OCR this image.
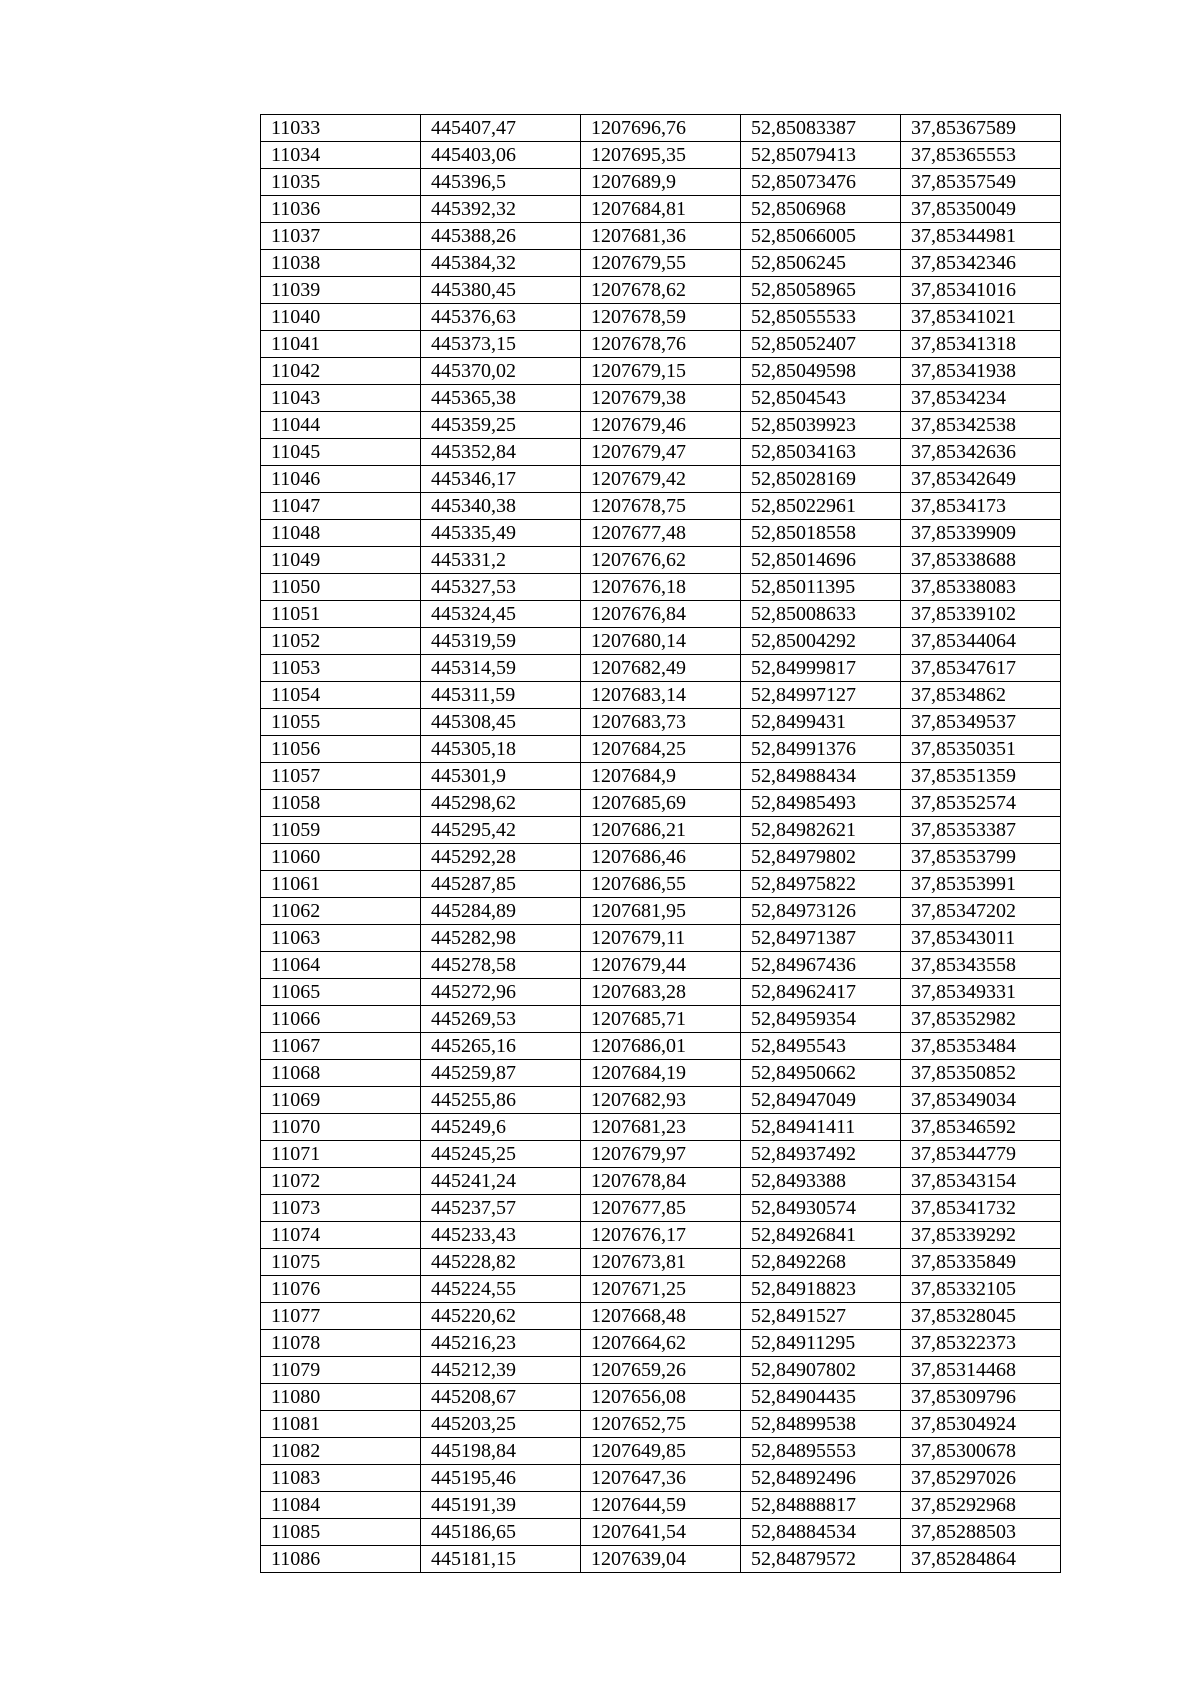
11033	445407,47	1207696,76	52,85083387	37,85367589
11034	445403,06	1207695,35	52,85079413	37,85365553
11035	445396,5	1207689,9	52,85073476	37,85357549
11036	445392,32	1207684,81	52,8506968	37,85350049
11037	445388,26	1207681,36	52,85066005	37,85344981
11038	445384,32	1207679,55	52,8506245	37,85342346
11039	445380,45	1207678,62	52,85058965	37,85341016
11040	445376,63	1207678,59	52,85055533	37,85341021
11041	445373,15	1207678,76	52,85052407	37,85341318
11042	445370,02	1207679,15	52,85049598	37,85341938
11043	445365,38	1207679,38	52,8504543	37,8534234
11044	445359,25	1207679,46	52,85039923	37,85342538
11045	445352,84	1207679,47	52,85034163	37,85342636
11046	445346,17	1207679,42	52,85028169	37,85342649
11047	445340,38	1207678,75	52,85022961	37,8534173
11048	445335,49	1207677,48	52,85018558	37,85339909
11049	445331,2	1207676,62	52,85014696	37,85338688
11050	445327,53	1207676,18	52,85011395	37,85338083
11051	445324,45	1207676,84	52,85008633	37,85339102
11052	445319,59	1207680,14	52,85004292	37,85344064
11053	445314,59	1207682,49	52,84999817	37,85347617
11054	445311,59	1207683,14	52,84997127	37,8534862
11055	445308,45	1207683,73	52,8499431	37,85349537
11056	445305,18	1207684,25	52,84991376	37,85350351
11057	445301,9	1207684,9	52,84988434	37,85351359
11058	445298,62	1207685,69	52,84985493	37,85352574
11059	445295,42	1207686,21	52,84982621	37,85353387
11060	445292,28	1207686,46	52,84979802	37,85353799
11061	445287,85	1207686,55	52,84975822	37,85353991
11062	445284,89	1207681,95	52,84973126	37,85347202
11063	445282,98	1207679,11	52,84971387	37,85343011
11064	445278,58	1207679,44	52,84967436	37,85343558
11065	445272,96	1207683,28	52,84962417	37,85349331
11066	445269,53	1207685,71	52,84959354	37,85352982
11067	445265,16	1207686,01	52,8495543	37,85353484
11068	445259,87	1207684,19	52,84950662	37,85350852
11069	445255,86	1207682,93	52,84947049	37,85349034
11070	445249,6	1207681,23	52,84941411	37,85346592
11071	445245,25	1207679,97	52,84937492	37,85344779
11072	445241,24	1207678,84	52,8493388	37,85343154
11073	445237,57	1207677,85	52,84930574	37,85341732
11074	445233,43	1207676,17	52,84926841	37,85339292
11075	445228,82	1207673,81	52,8492268	37,85335849
11076	445224,55	1207671,25	52,84918823	37,85332105
11077	445220,62	1207668,48	52,8491527	37,85328045
11078	445216,23	1207664,62	52,84911295	37,85322373
11079	445212,39	1207659,26	52,84907802	37,85314468
11080	445208,67	1207656,08	52,84904435	37,85309796
11081	445203,25	1207652,75	52,84899538	37,85304924
11082	445198,84	1207649,85	52,84895553	37,85300678
11083	445195,46	1207647,36	52,84892496	37,85297026
11084	445191,39	1207644,59	52,84888817	37,85292968
11085	445186,65	1207641,54	52,84884534	37,85288503
11086	445181,15	1207639,04	52,84879572	37,85284864
